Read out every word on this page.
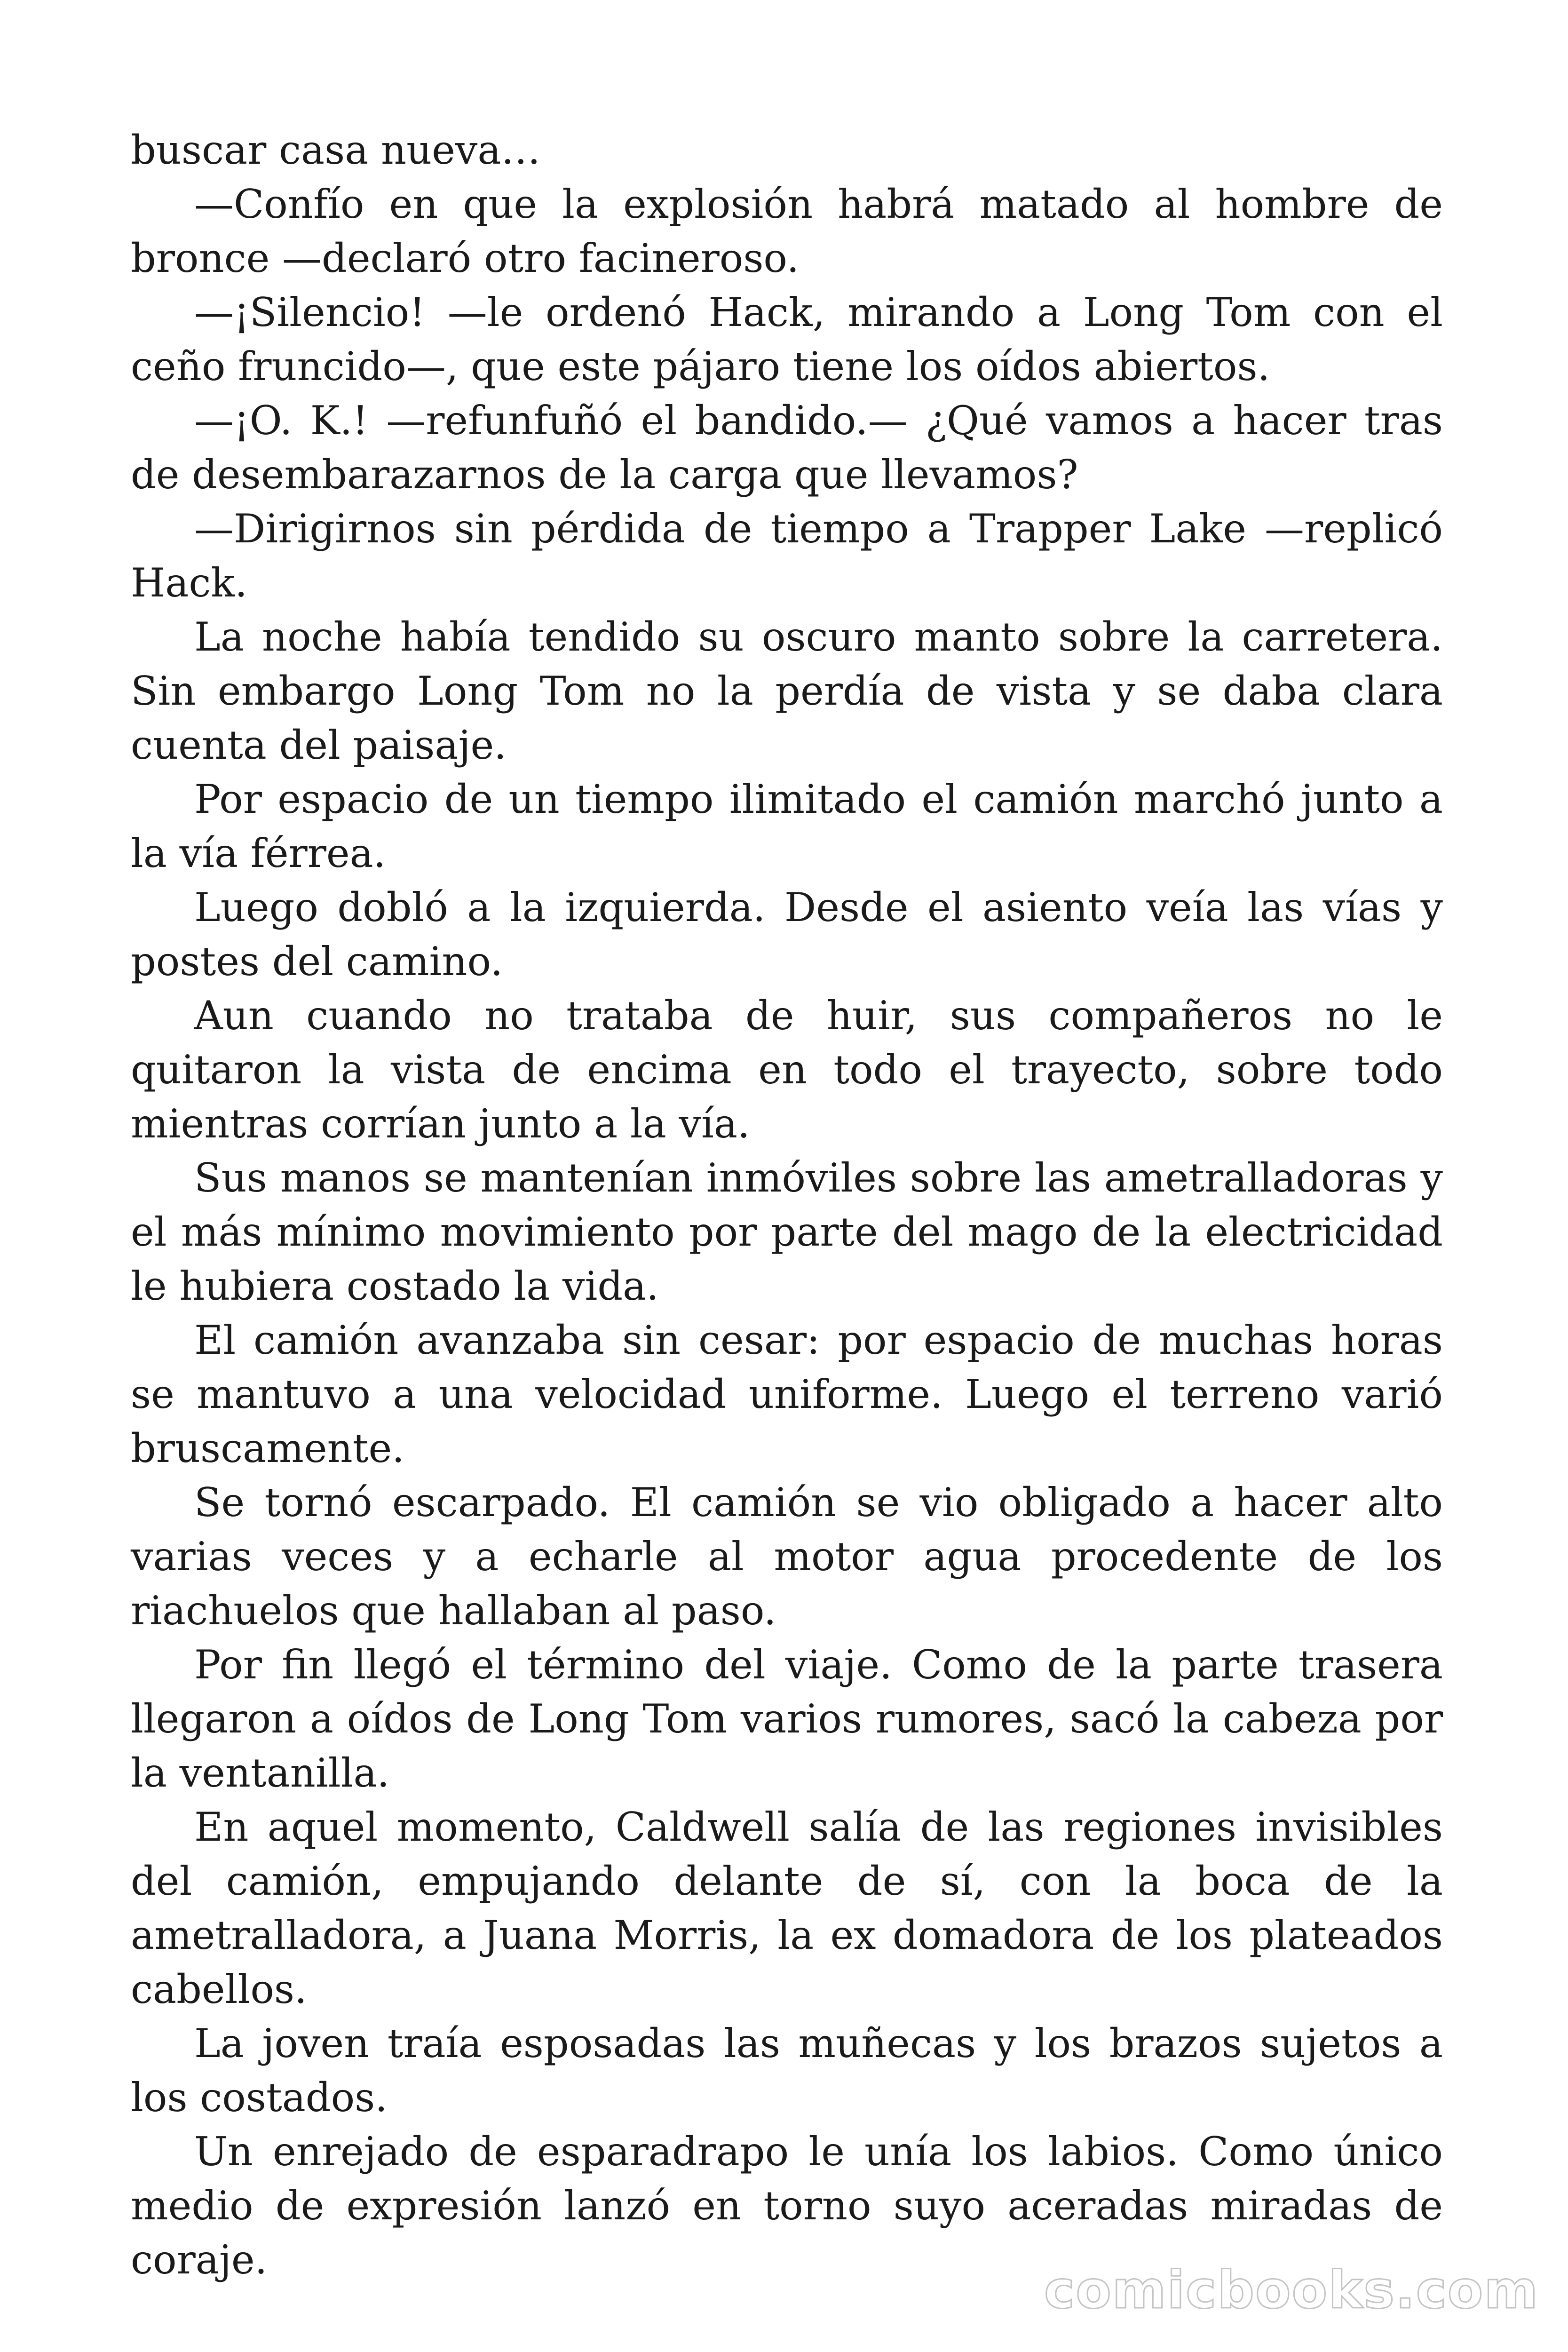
buscar casa nueva…

—Confío en que la explosión habrá matado al hombre de bronce —declaró otro facineroso.

—¡Silencio! —le ordenó Hack, mirando a Long Tom con el ceño fruncido—, que este pájaro tiene los oídos abiertos.

—¡O. K.! —refunfuñó el bandido.— ¿Qué vamos a hacer tras de desembarazarnos de la carga que llevamos?

—Dirigirnos sin pérdida de tiempo a Trapper Lake —replicó Hack.

La noche había tendido su oscuro manto sobre la carretera. Sin embargo Long Tom no la perdía de vista y se daba clara cuenta del paisaje.

Por espacio de un tiempo ilimitado el camión marchó junto a la vía férrea.

Luego dobló a la izquierda. Desde el asiento veía las vías y postes del camino.

Aun cuando no trataba de huir, sus compañeros no le quitaron la vista de encima en todo el trayecto, sobre todo mientras corrían junto a la vía.

Sus manos se mantenían inmóviles sobre las ametralladoras y el más mínimo movimiento por parte del mago de la electricidad le hubiera costado la vida.

El camión avanzaba sin cesar: por espacio de muchas horas se mantuvo a una velocidad uniforme. Luego el terreno varió bruscamente.

Se tornó escarpado. El camión se vio obligado a hacer alto varias veces y a echarle al motor agua procedente de los riachuelos que hallaban al paso.

Por fin llegó el término del viaje. Como de la parte trasera llegaron a oídos de Long Tom varios rumores, sacó la cabeza por la ventanilla.

En aquel momento, Caldwell salía de las regiones invisibles del camión, empujando delante de sí, con la boca de la ametralladora, a Juana Morris, la ex domadora de los plateados cabellos.

La joven traía esposadas las muñecas y los brazos sujetos a los costados.

Un enrejado de esparadrapo le unía los labios. Como único medio de expresión lanzó en torno suyo aceradas miradas de coraje.	comicbooks.com
